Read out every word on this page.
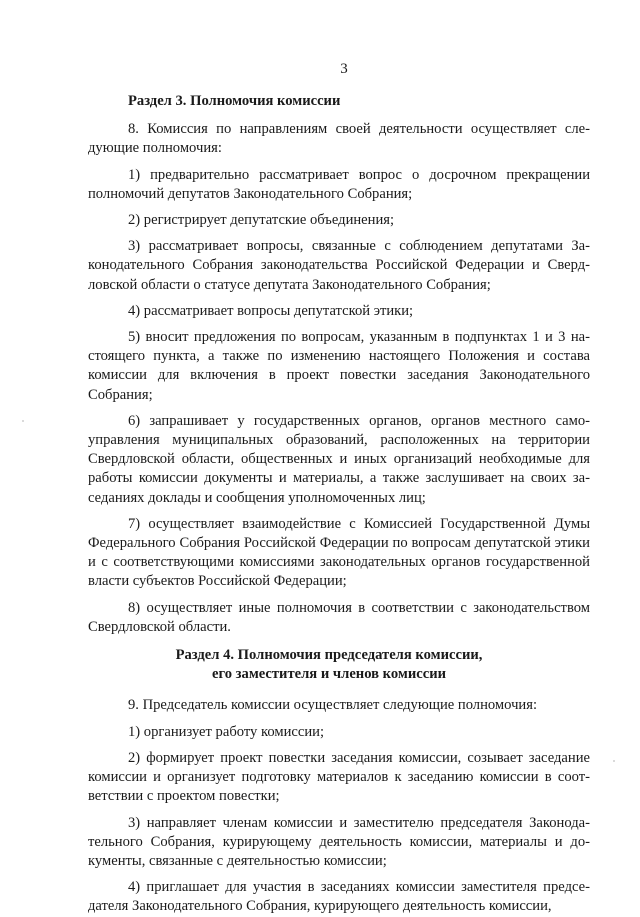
3
Раздел 3. Полномочия комиссии

8. Комиссия по направлениям своей деятельности осуществляет следующие полномочия:

1) предварительно рассматривает вопрос о досрочном прекращении полномочий депутатов Законодательного Собрания;

2) регистрирует депутатские объединения;

3) рассматривает вопросы, связанные с соблюдением депутатами Законодательного Собрания законодательства Российской Федерации и Свердловской области о статусе депутата Законодательного Собрания;

4) рассматривает вопросы депутатской этики;

5) вносит предложения по вопросам, указанным в подпунктах 1 и 3 настоящего пункта, а также по изменению настоящего Положения и состава комиссии для включения в проект повестки заседания Законодательного Собрания;

6) запрашивает у государственных органов, органов местного самоуправления муниципальных образований, расположенных на территории Свердловской области, общественных и иных организаций необходимые для работы комиссии документы и материалы, а также заслушивает на своих заседаниях доклады и сообщения уполномоченных лиц;

7) осуществляет взаимодействие с Комиссией Государственной Думы Федерального Собрания Российской Федерации по вопросам депутатской этики и с соответствующими комиссиями законодательных органов государственной власти субъектов Российской Федерации;

8) осуществляет иные полномочия в соответствии с законодательством Свердловской области.

Раздел 4. Полномочия председателя комиссии,
его заместителя и членов комиссии

9. Председатель комиссии осуществляет следующие полномочия:

1) организует работу комиссии;

2) формирует проект повестки заседания комиссии, созывает заседание комиссии и организует подготовку материалов к заседанию комиссии в соответствии с проектом повестки;

3) направляет членам комиссии и заместителю председателя Законодательного Собрания, курирующему деятельность комиссии, материалы и документы, связанные с деятельностью комиссии;

4) приглашает для участия в заседаниях комиссии заместителя председателя Законодательного Собрания, курирующего деятельность комиссии,
